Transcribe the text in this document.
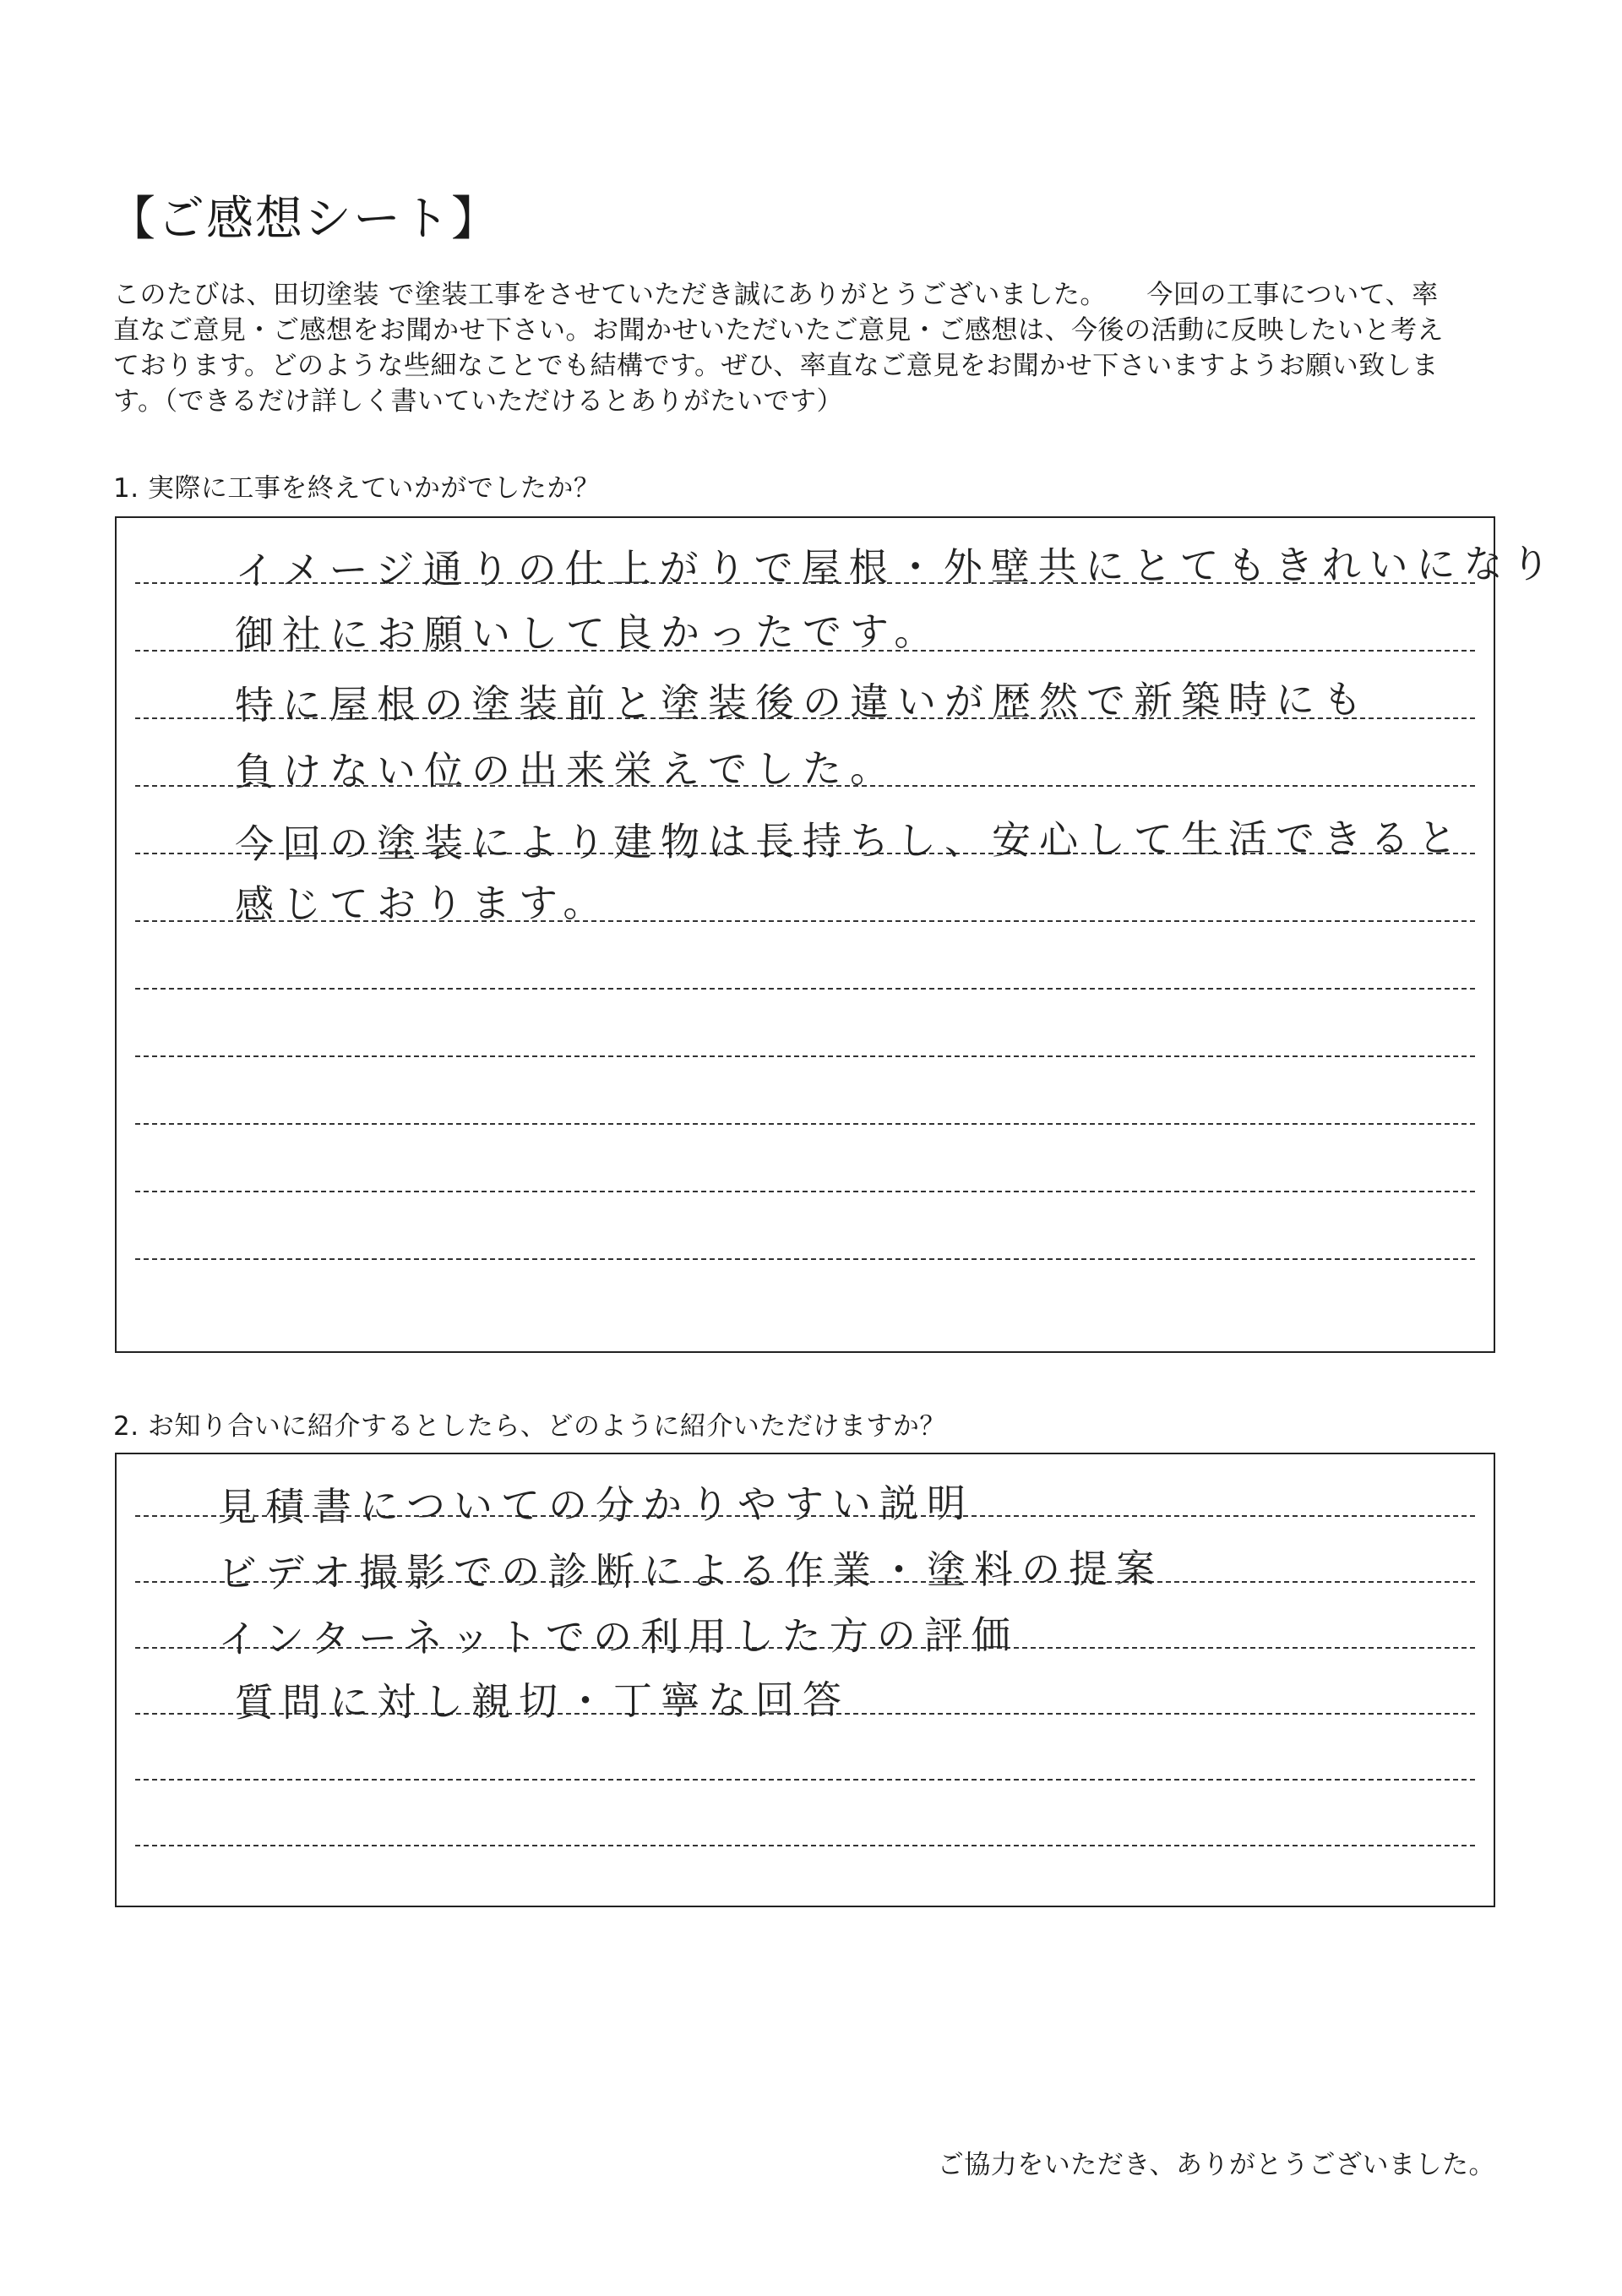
【ご感想シート】

このたびは、田切塗装 で塗装工事をさせていただき誠にありがとうございました。　　今回の工事について、率

直なご意見・ご感想をお聞かせ下さい。お聞かせいただいたご意見・ご感想は、今後の活動に反映したいと考え

ております。どのような些細なことでも結構です。ぜひ、率直なご意見をお聞かせ下さいますようお願い致しま

す。（できるだけ詳しく書いていただけるとありがたいです）

1. 実際に工事を終えていかがでしたか？
イメージ通りの仕上がりで屋根・外壁共にとてもきれいになり
御社にお願いして良かったです。
特に屋根の塗装前と塗装後の違いが歴然で新築時にも
負けない位の出来栄えでした。
今回の塗装により建物は長持ちし、安心して生活できると
感じております。
2. お知り合いに紹介するとしたら、どのように紹介いただけますか？
見積書についての分かりやすい説明
ビデオ撮影での診断による作業・塗料の提案
インターネットでの利用した方の評価
質問に対し親切・丁寧な回答
ご協力をいただき、ありがとうございました。
